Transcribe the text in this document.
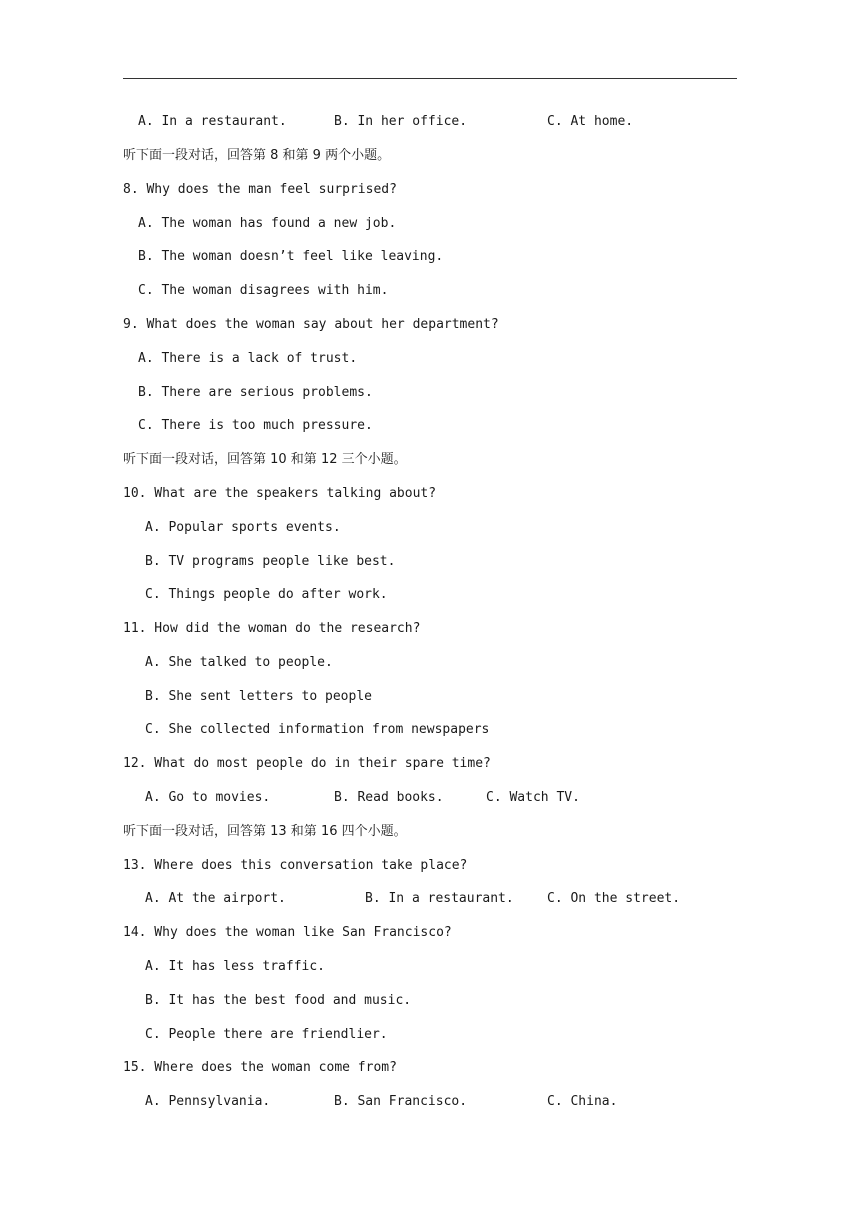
A. In a restaurant.	B. In her office.	C. At home.
听下面一段对话，回答第 8 和第 9 两个小题。
8. Why does the man feel surprised?
A. The woman has found a new job.
B. The woman doesn’t feel like leaving.
C. The woman disagrees with him.
9. What does the woman say about her department?
A. There is a lack of trust.
B. There are serious problems.
C. There is too much pressure.
听下面一段对话，回答第 10 和第 12 三个小题。
10. What are the speakers talking about?
A. Popular sports events.
B. TV programs people like best.
C. Things people do after work.
11. How did the woman do the research?
A. She talked to people.
B. She sent letters to people
C. She collected information from newspapers
12. What do most people do in their spare time?
A. Go to movies.	B. Read books.	C. Watch TV.
听下面一段对话，回答第 13 和第 16 四个小题。
13. Where does this conversation take place?
A. At the airport.	B. In a restaurant.	C. On the street.
14. Why does the woman like San Francisco?
A. It has less traffic.
B. It has the best food and music.
C. People there are friendlier.
15. Where does the woman come from?
A. Pennsylvania.	B. San Francisco.	C. China.
